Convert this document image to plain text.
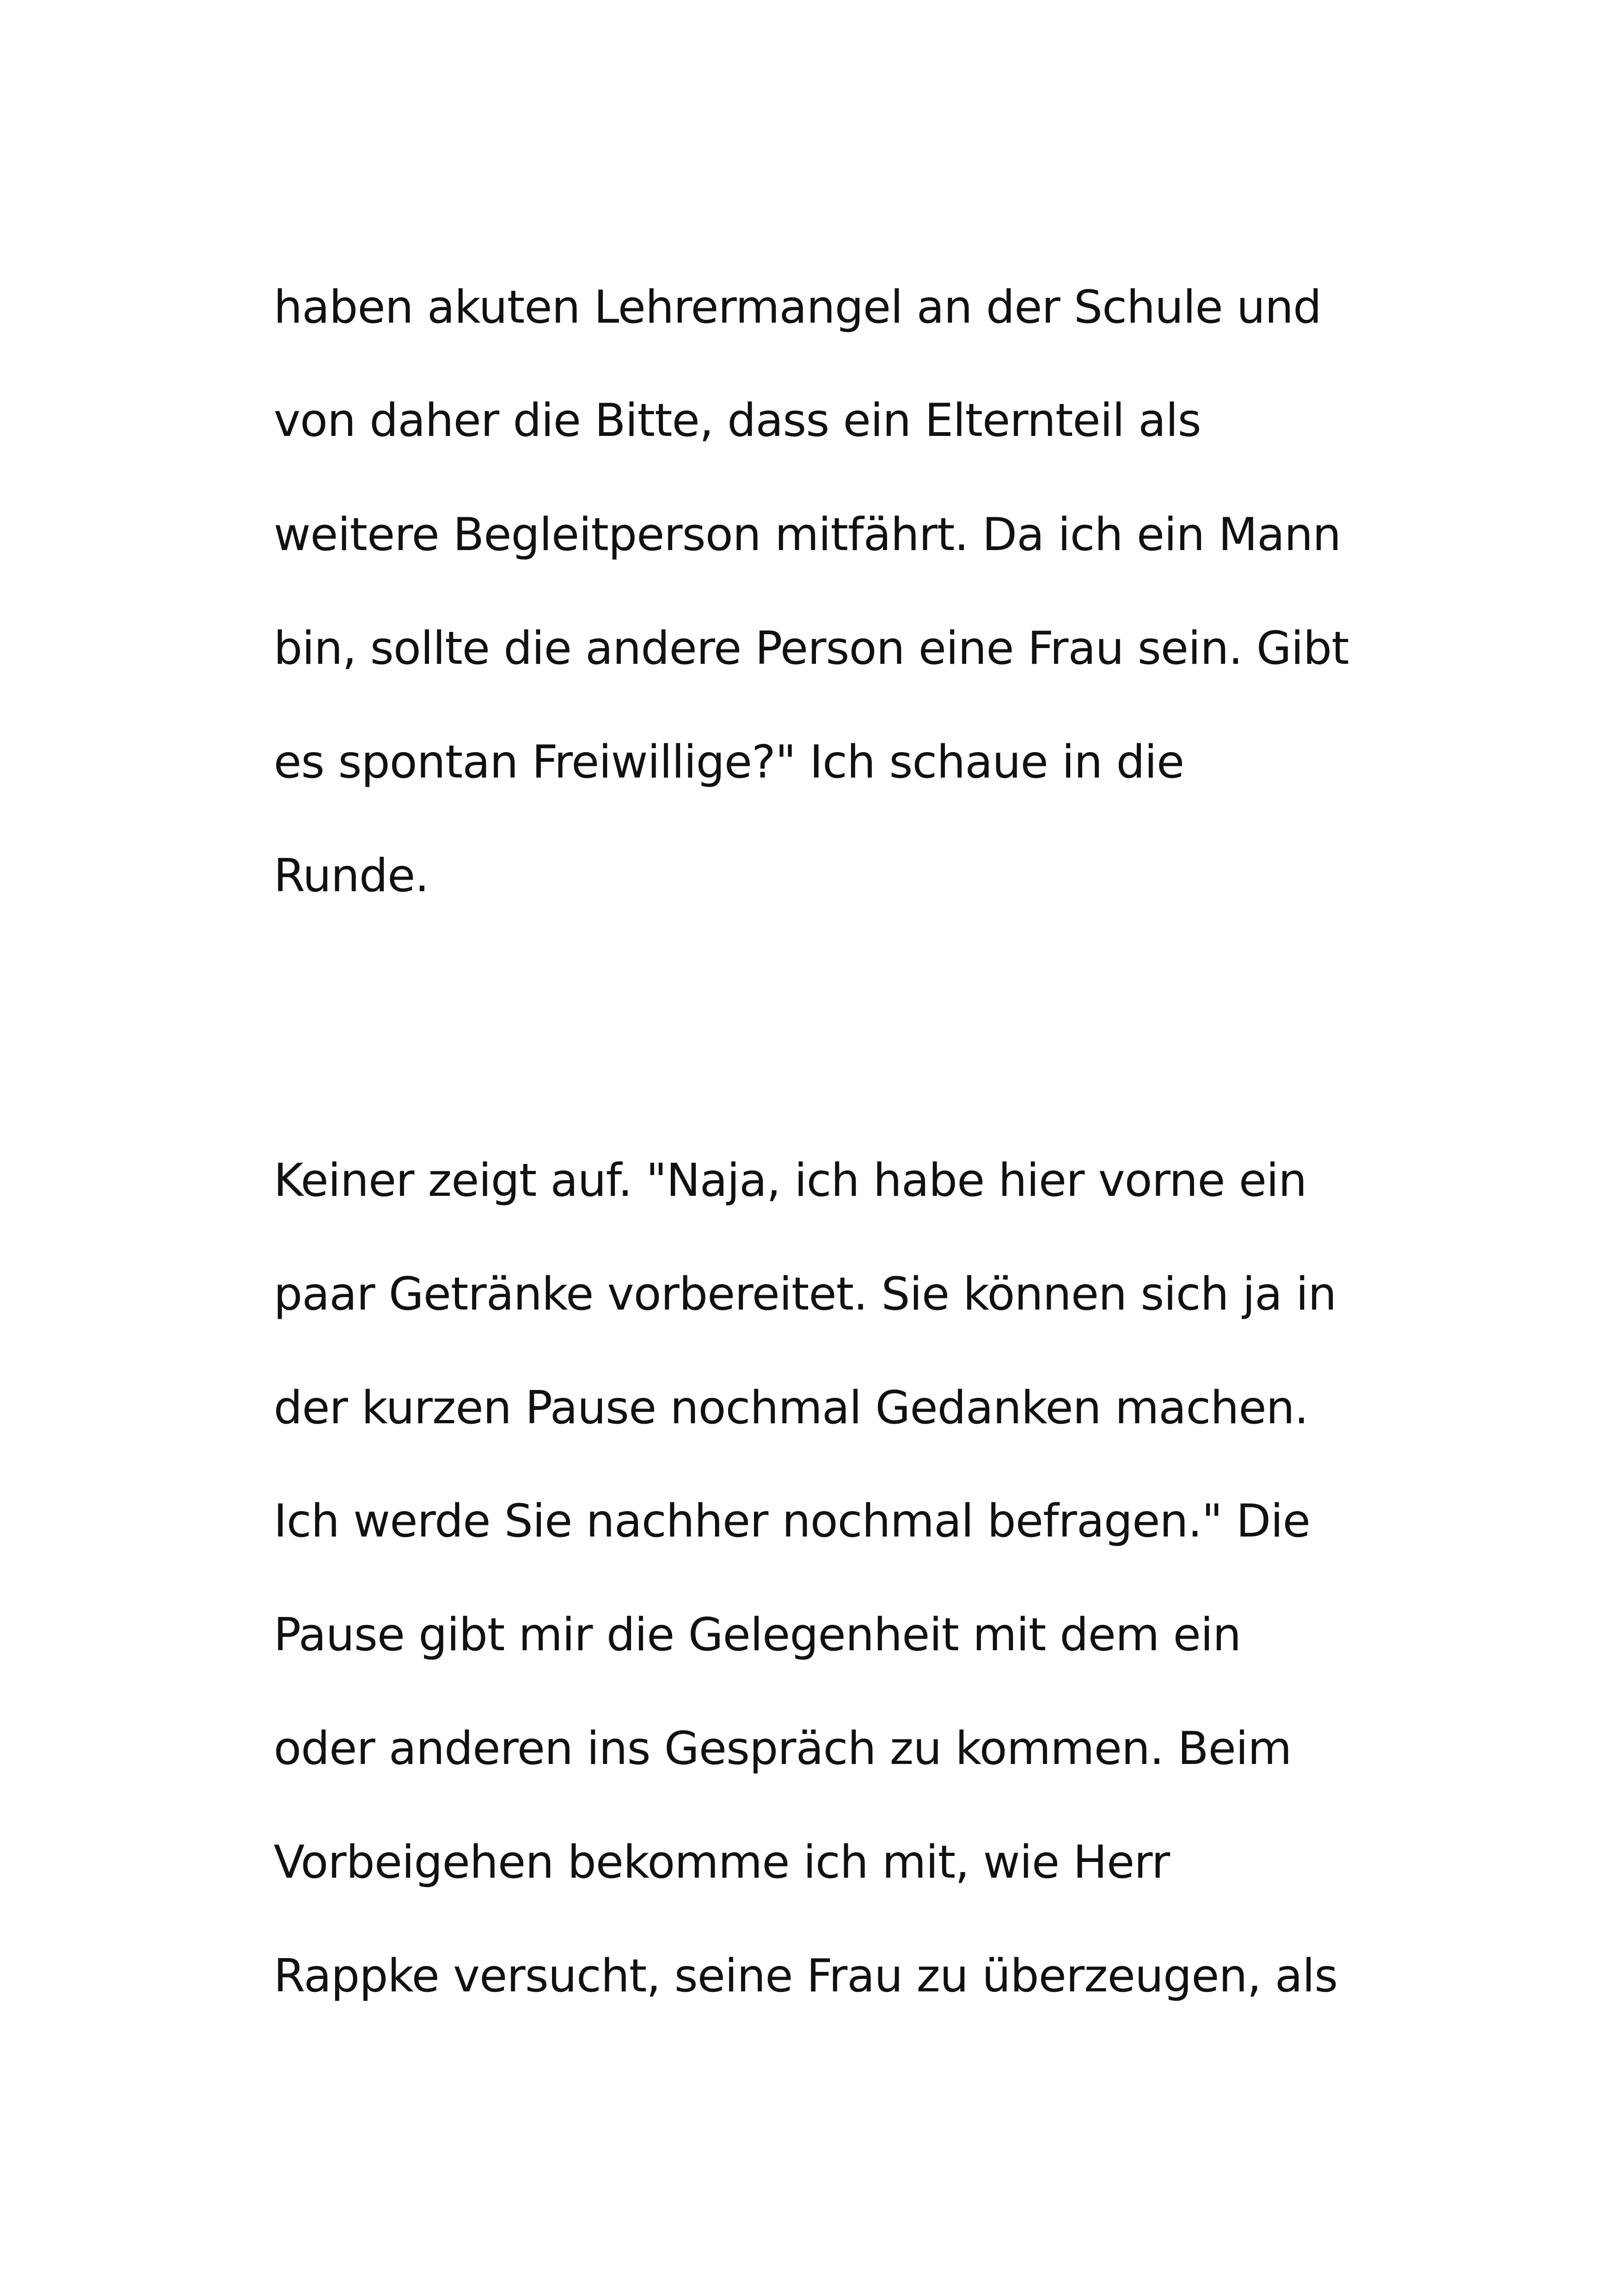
haben akuten Lehrermangel an der Schule und

von daher die Bitte, dass ein Elternteil als

weitere Begleitperson mitfährt. Da ich ein Mann

bin, sollte die andere Person eine Frau sein. Gibt

es spontan Freiwillige?" Ich schaue in die

Runde.

Keiner zeigt auf. "Naja, ich habe hier vorne ein

paar Getränke vorbereitet. Sie können sich ja in

der kurzen Pause nochmal Gedanken machen.

Ich werde Sie nachher nochmal befragen." Die

Pause gibt mir die Gelegenheit mit dem ein

oder anderen ins Gespräch zu kommen. Beim

Vorbeigehen bekomme ich mit, wie Herr

Rappke versucht, seine Frau zu überzeugen, als
